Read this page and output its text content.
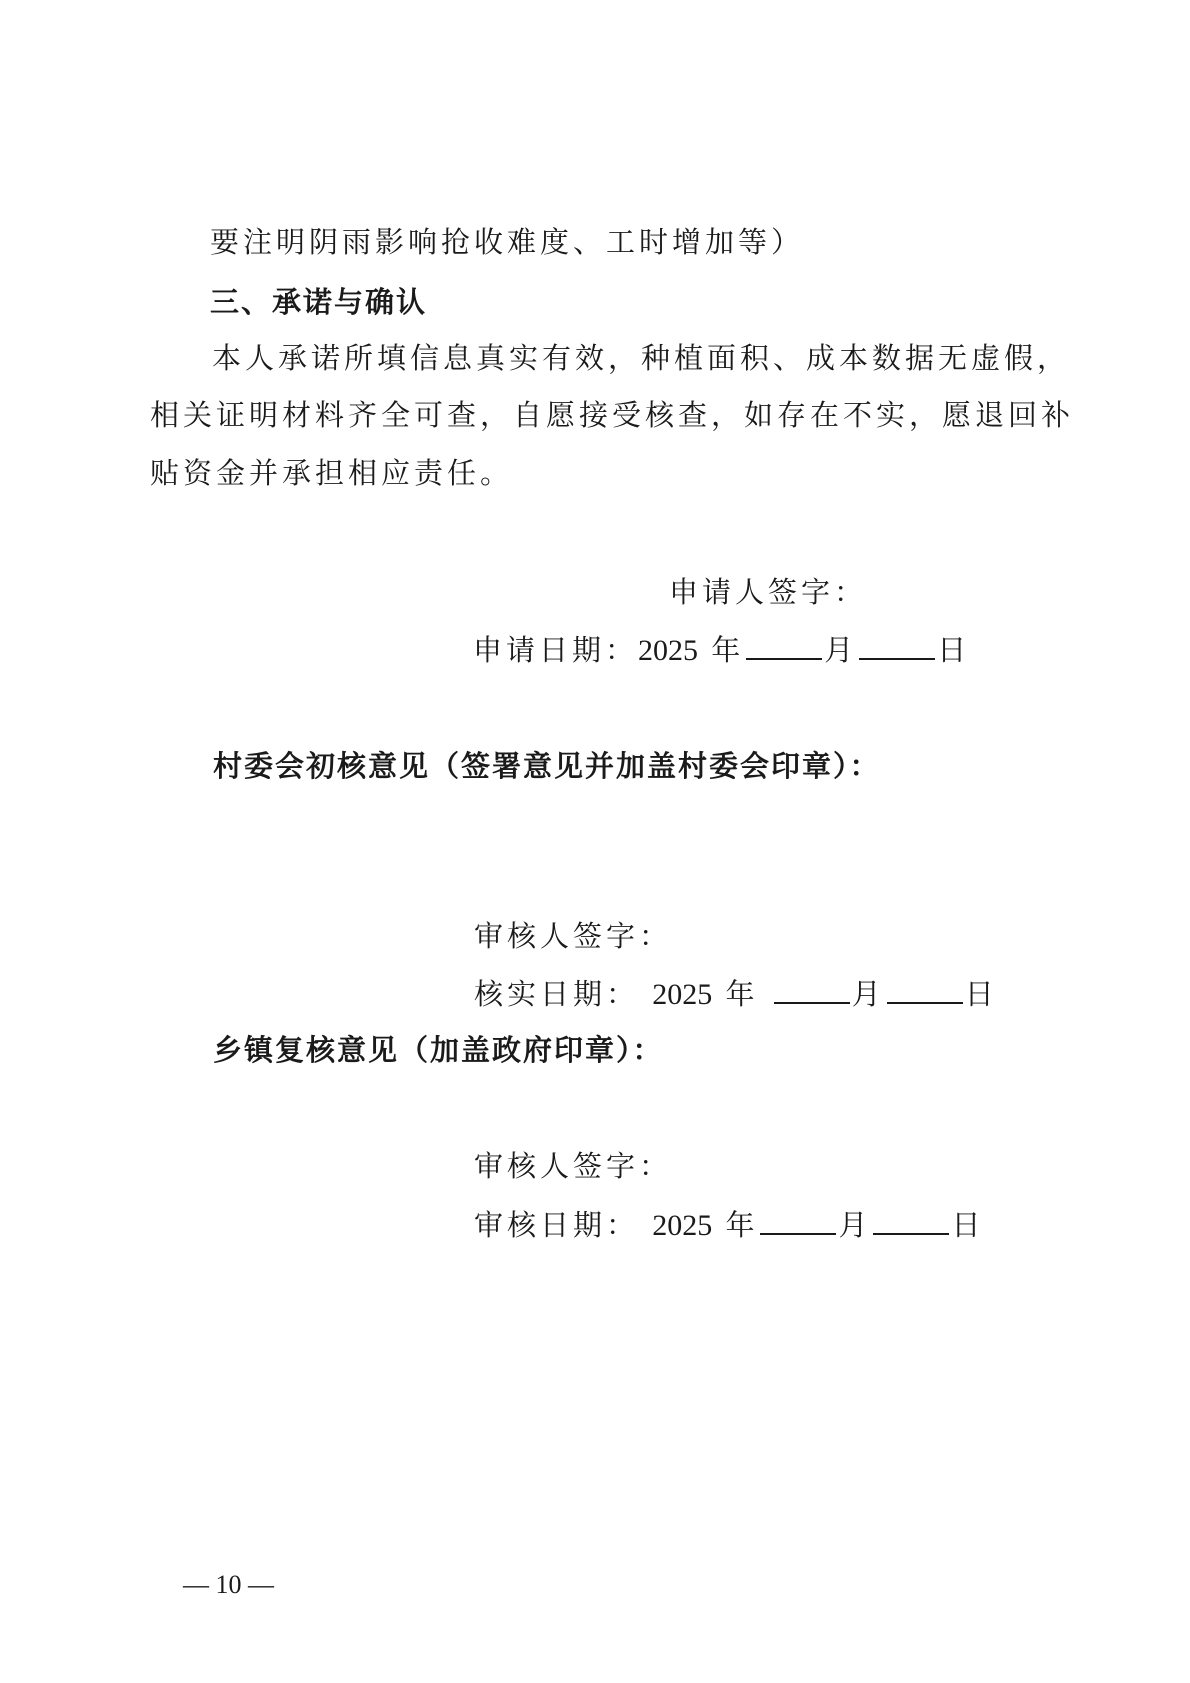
要注明阴雨影响抢收难度、工时增加等）
三、承诺与确认
本人承诺所填信息真实有效，种植面积、成本数据无虚假，
相关证明材料齐全可查，自愿接受核查，如存在不实，愿退回补
贴资金并承担相应责任。
申请人签字：
申请日期：2025 年	月	日
村委会初核意见（签署意见并加盖村委会印章）：
审核人签字：
核实日期： 2025 年	月	日
乡镇复核意见（加盖政府印章）：
审核人签字：
审核日期： 2025 年	月	日
— 10 —
